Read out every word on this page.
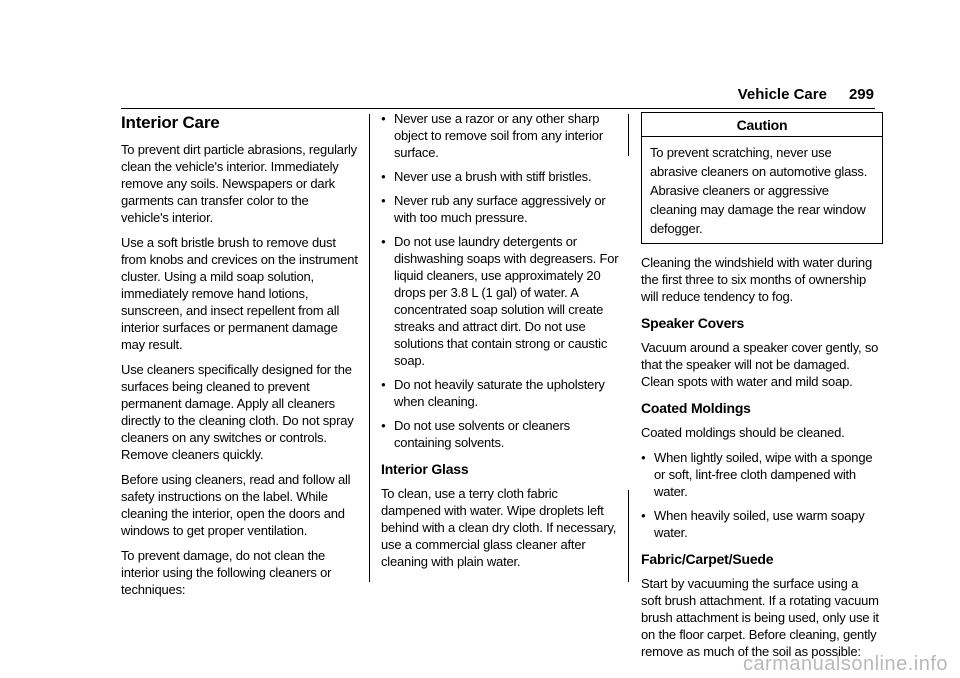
Vehicle Care 299
Interior Care

To prevent dirt particle abrasions, regularly clean the vehicle's interior. Immediately remove any soils. Newspapers or dark garments can transfer color to the vehicle's interior.

Use a soft bristle brush to remove dust from knobs and crevices on the instrument cluster. Using a mild soap solution, immediately remove hand lotions, sunscreen, and insect repellent from all interior surfaces or permanent damage may result.

Use cleaners specifically designed for the surfaces being cleaned to prevent permanent damage. Apply all cleaners directly to the cleaning cloth. Do not spray cleaners on any switches or controls. Remove cleaners quickly.

Before using cleaners, read and follow all safety instructions on the label. While cleaning the interior, open the doors and windows to get proper ventilation.

To prevent damage, do not clean the interior using the following cleaners or techniques:

● Never use a razor or any other sharp object to remove soil from any interior surface.
● Never use a brush with stiff bristles.
● Never rub any surface aggressively or with too much pressure.
● Do not use laundry detergents or dishwashing soaps with degreasers. For liquid cleaners, use approximately 20 drops per 3.8 L (1 gal) of water. A concentrated soap solution will create streaks and attract dirt. Do not use solutions that contain strong or caustic soap.
● Do not heavily saturate the upholstery when cleaning.
● Do not use solvents or cleaners containing solvents.
Interior Glass

To clean, use a terry cloth fabric dampened with water. Wipe droplets left behind with a clean dry cloth. If necessary, use a commercial glass cleaner after cleaning with plain water.

Caution
To prevent scratching, never use abrasive cleaners on automotive glass. Abrasive cleaners or aggressive cleaning may damage the rear window defogger.

Cleaning the windshield with water during the first three to six months of ownership will reduce tendency to fog.

Speaker Covers

Vacuum around a speaker cover gently, so that the speaker will not be damaged. Clean spots with water and mild soap.

Coated Moldings

Coated moldings should be cleaned.

● When lightly soiled, wipe with a sponge or soft, lint-free cloth dampened with water.
● When heavily soiled, use warm soapy water.
Fabric/Carpet/Suede

Start by vacuuming the surface using a soft brush attachment. If a rotating vacuum brush attachment is being used, only use it on the floor carpet. Before cleaning, gently remove as much of the soil as possible:

carmanualsonline.info
